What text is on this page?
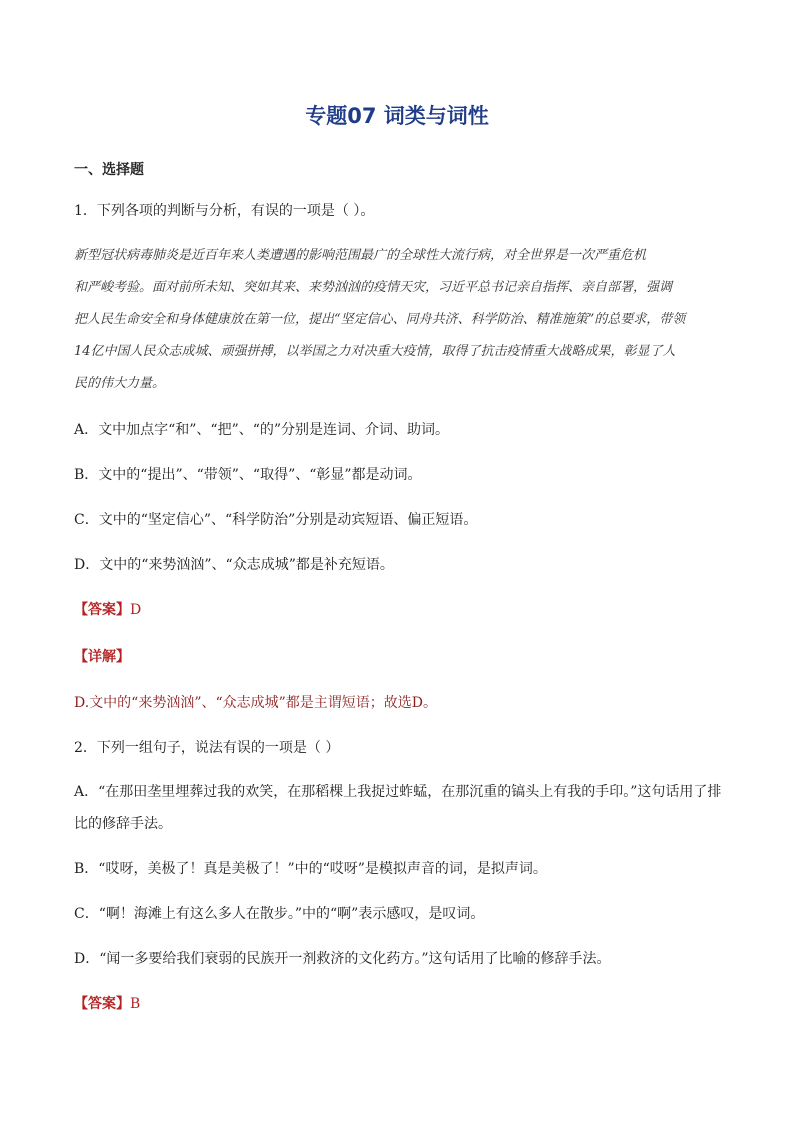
专题07 词类与词性
一、选择题
1．下列各项的判断与分析，有误的一项是（ ）。

新型冠状病毒肺炎是近百年来人类遭遇的影响范围最广的全球性大流行病，对全世界是一次严重危机

和严峻考验。面对前所未知、突如其来、来势汹汹的疫情天灾，习近平总书记亲自指挥、亲自部署，强调

把人民生命安全和身体健康放在第一位，提出“坚定信心、同舟共济、科学防治、精准施策”的总要求，带领

14亿中国人民众志成城、顽强拼搏，以举国之力对决重大疫情，取得了抗击疫情重大战略成果，彰显了人

民的伟大力量。

A．文中加点字“和”、“把”、“的”分别是连词、介词、助词。
B．文中的“提出”、“带领”、“取得”、“彰显”都是动词。
C．文中的“坚定信心”、“科学防治”分别是动宾短语、偏正短语。
D．文中的“来势汹汹”、“众志成城”都是补充短语。
【答案】D
【详解】
D.文中的“来势汹汹”、“众志成城”都是主谓短语；故选D。
2．下列一组句子，说法有误的一项是（ ）
A．“在那田垄里埋葬过我的欢笑，在那稻棵上我捉过蚱蜢，在那沉重的镐头上有我的手印。”这句话用了排
比的修辞手法。
B．“哎呀，美极了！真是美极了！”中的“哎呀”是模拟声音的词，是拟声词。
C．“啊！海滩上有这么多人在散步。”中的“啊”表示感叹，是叹词。
D．“闻一多要给我们衰弱的民族开一剂救济的文化药方。”这句话用了比喻的修辞手法。
【答案】B
